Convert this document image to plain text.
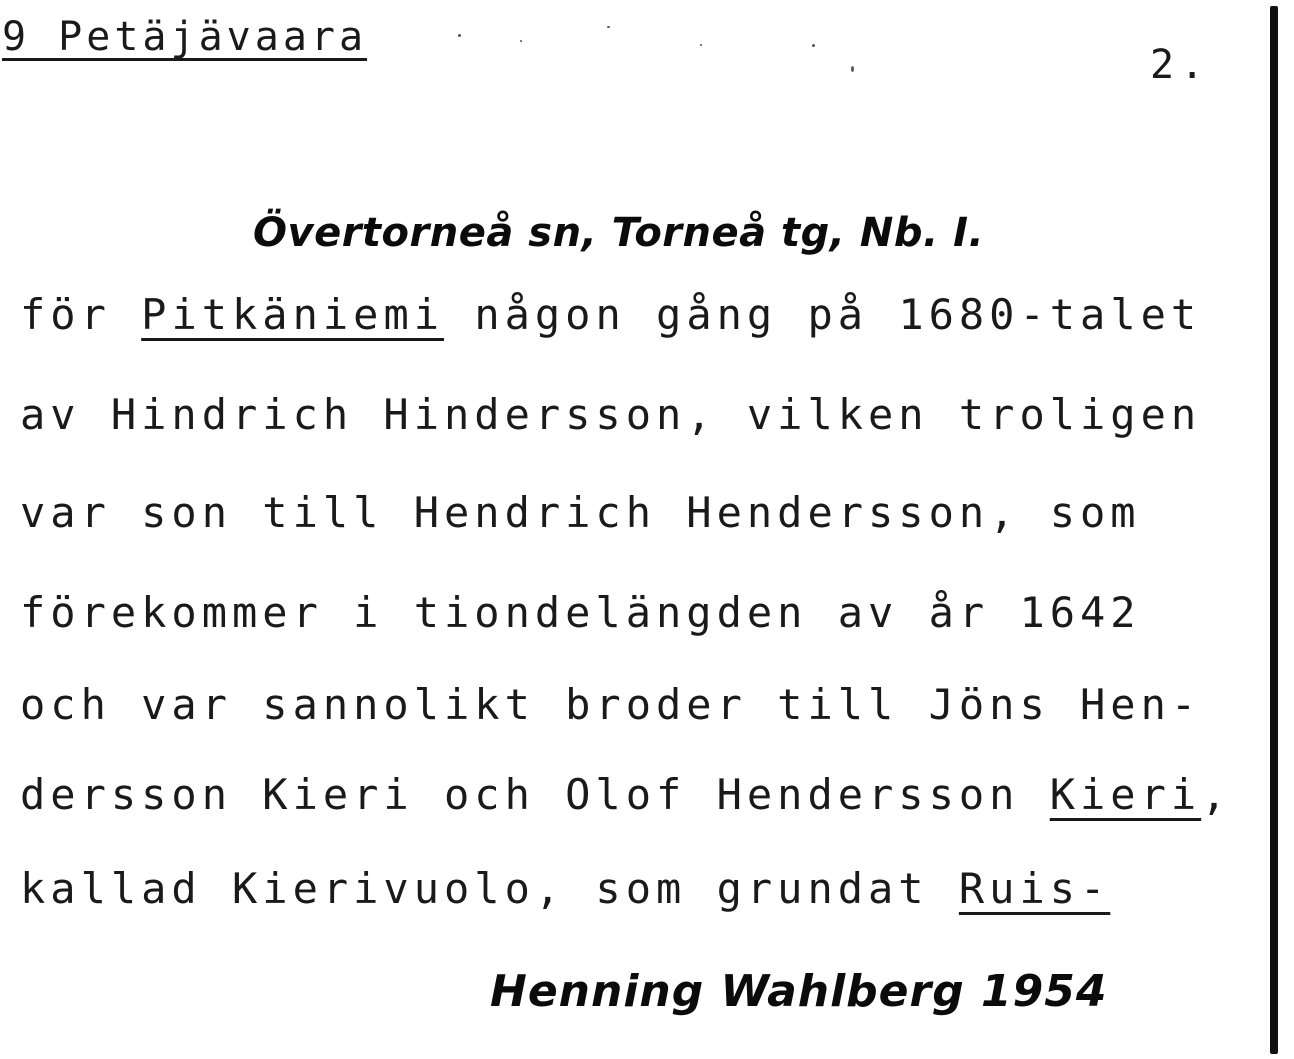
9 Petäjävaara
2.
Övertorneå sn, Torneå tg, Nb. I.
för Pitkäniemi någon gång på 1680-talet
av Hindrich Hindersson, vilken troligen
var son till Hendrich Hendersson, som
förekommer i tiondelängden av år 1642
och var sannolikt broder till Jöns Hen-
dersson Kieri och Olof Hendersson Kieri,
kallad Kierivuolo, som grundat Ruis-
Henning Wahlberg 1954
